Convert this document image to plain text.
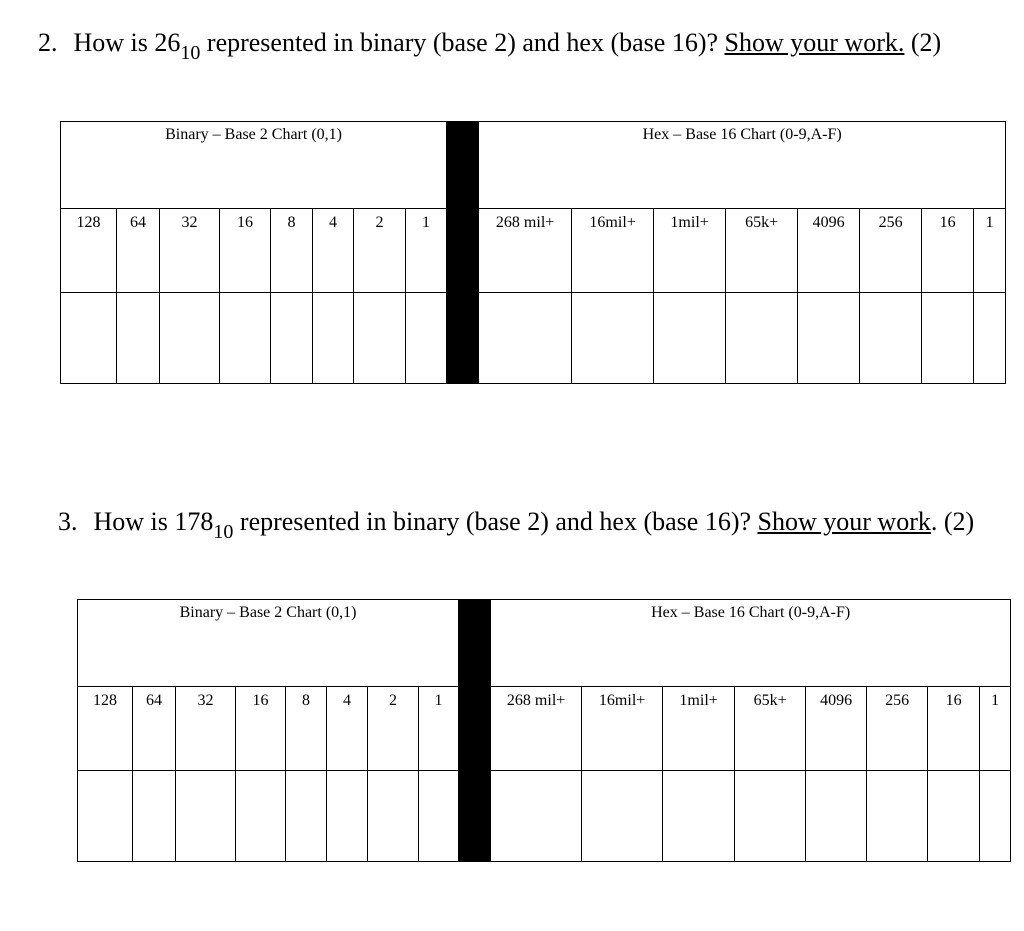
2. How is $26_{10}$ represented in binary (base 2) and hex (base 16)? Show your work. (2)

Binary – Base 2 Chart (0,1)									Hex – Base 16 Chart (0-9,A-F)							
128	64	32	16	8	4	2	1		268 mil+	16mil+	1mil+	65k+	4096	256	16	1

3. How is $178_{10}$ represented in binary (base 2) and hex (base 16)? Show your work. (2)

Binary – Base 2 Chart (0,1)									Hex – Base 16 Chart (0-9,A-F)							
128	64	32	16	8	4	2	1		268 mil+	16mil+	1mil+	65k+	4096	256	16	1
